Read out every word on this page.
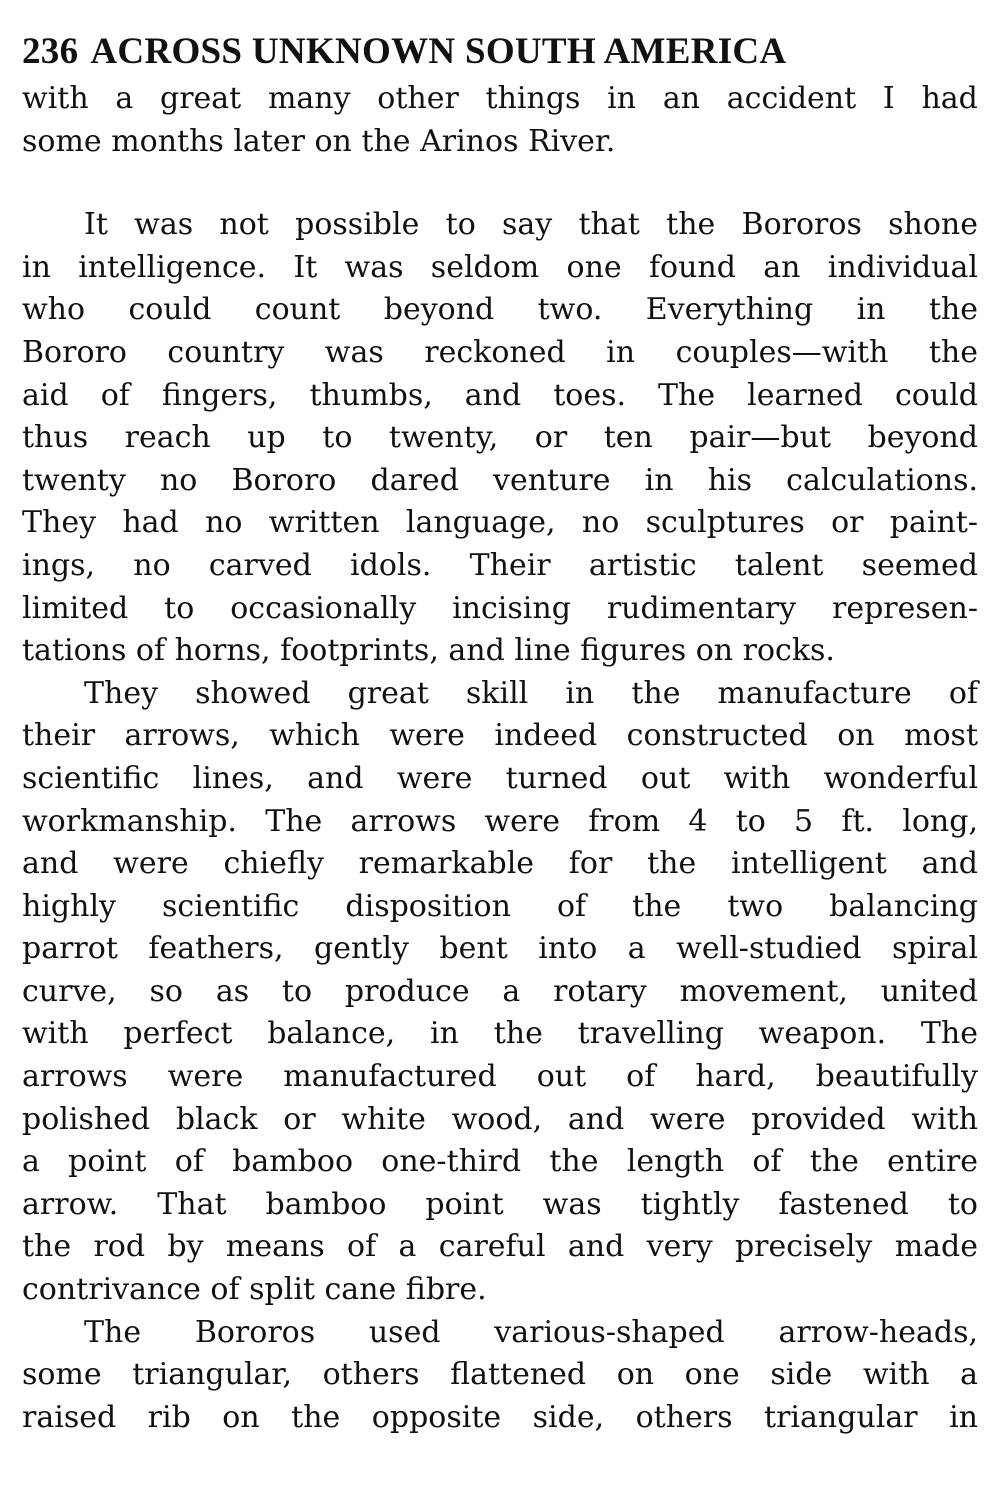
236 ACROSS UNKNOWN SOUTH AMERICA

with a great many other things in an accident I had
some months later on the Arinos River.

It was not possible to say that the Bororos shone
in intelligence. It was seldom one found an individual
who could count beyond two. Everything in the
Bororo country was reckoned in couples—with the
aid of fingers, thumbs, and toes. The learned could
thus reach up to twenty, or ten pair—but beyond
twenty no Bororo dared venture in his calculations.
They had no written language, no sculptures or paint-
ings, no carved idols. Their artistic talent seemed
limited to occasionally incising rudimentary represen-
tations of horns, footprints, and line figures on rocks.

They showed great skill in the manufacture of
their arrows, which were indeed constructed on most
scientific lines, and were turned out with wonderful
workmanship. The arrows were from 4 to 5 ft. long,
and were chiefly remarkable for the intelligent and
highly scientific disposition of the two balancing
parrot feathers, gently bent into a well-studied spiral
curve, so as to produce a rotary movement, united
with perfect balance, in the travelling weapon. The
arrows were manufactured out of hard, beautifully
polished black or white wood, and were provided with
a point of bamboo one-third the length of the entire
arrow. That bamboo point was tightly fastened to
the rod by means of a careful and very precisely made
contrivance of split cane fibre.

The Bororos used various-shaped arrow-heads,
some triangular, others flattened on one side with a
raised rib on the opposite side, others triangular in
